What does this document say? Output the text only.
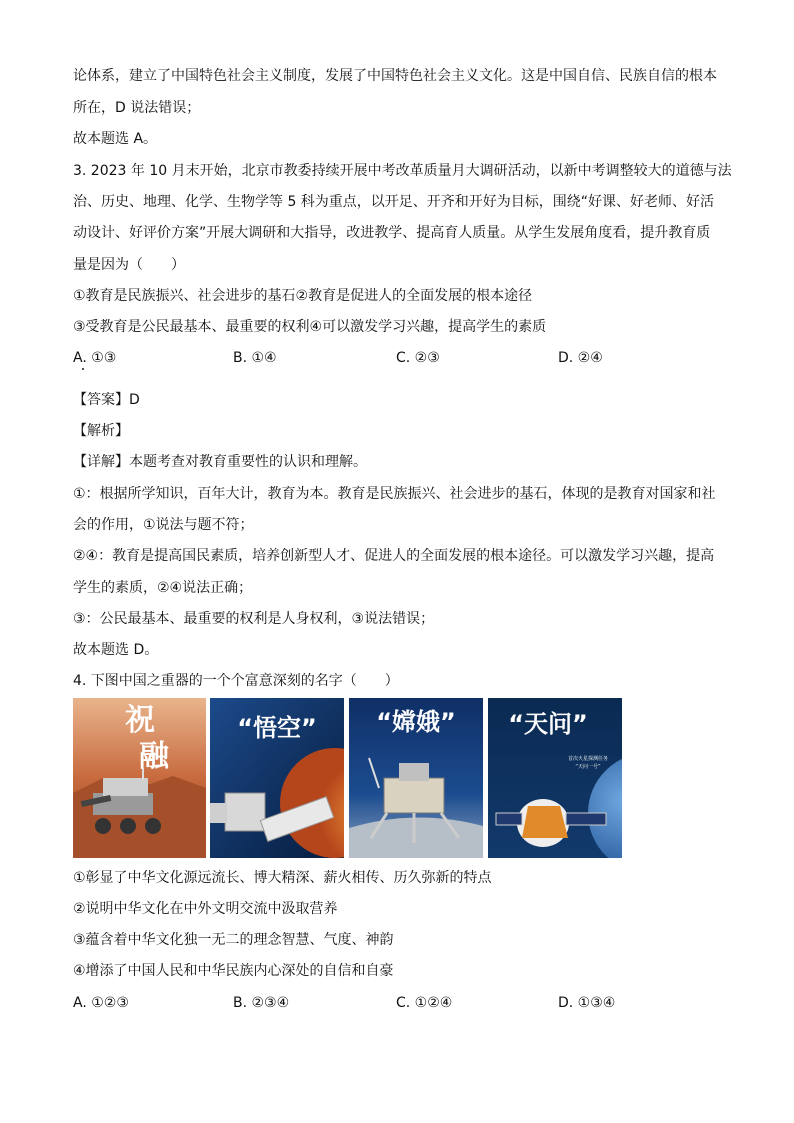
论体系，建立了中国特色社会主义制度，发展了中国特色社会主义文化。这是中国自信、民族自信的根本
所在，D 说法错误；
故本题选 A。
3. 2023 年 10 月末开始，北京市教委持续开展中考改革质量月大调研活动，以新中考调整较大的道德与法
治、历史、地理、化学、生物学等 5 科为重点，以开足、开齐和开好为目标，围绕“好课、好老师、好活
动设计、好评价方案”开展大调研和大指导，改进教学、提高育人质量。从学生发展角度看，提升教育质
量是因为（　　）
①教育是民族振兴、社会进步的基石②教育是促进人的全面发展的根本途径
③受教育是公民最基本、最重要的权利④可以激发学习兴趣，提高学生的素质
A. ①③	B. ①④	C. ②③	D. ②④
【答案】D
【解析】
【详解】本题考查对教育重要性的认识和理解。
①：根据所学知识，百年大计，教育为本。教育是民族振兴、社会进步的基石，体现的是教育对国家和社
会的作用，①说法与题不符；
②④：教育是提高国民素质，培养创新型人才、促进人的全面发展的根本途径。可以激发学习兴趣，提高
学生的素质，②④说法正确；
③：公民最基本、最重要的权利是人身权利，③说法错误；
故本题选 D。
4. 下图中国之重器的一个个富意深刻的名字（　　）
祝
融
“悟空” “嫦娥” “天问”
首次火星探测任务
“天问一号”
①彰显了中华文化源远流长、博大精深、薪火相传、历久弥新的特点
②说明中华文化在中外文明交流中汲取营养
③蕴含着中华文化独一无二的理念智慧、气度、神韵
④增添了中国人民和中华民族内心深处的自信和自豪
A. ①②③	B. ②③④	C. ①②④	D. ①③④
